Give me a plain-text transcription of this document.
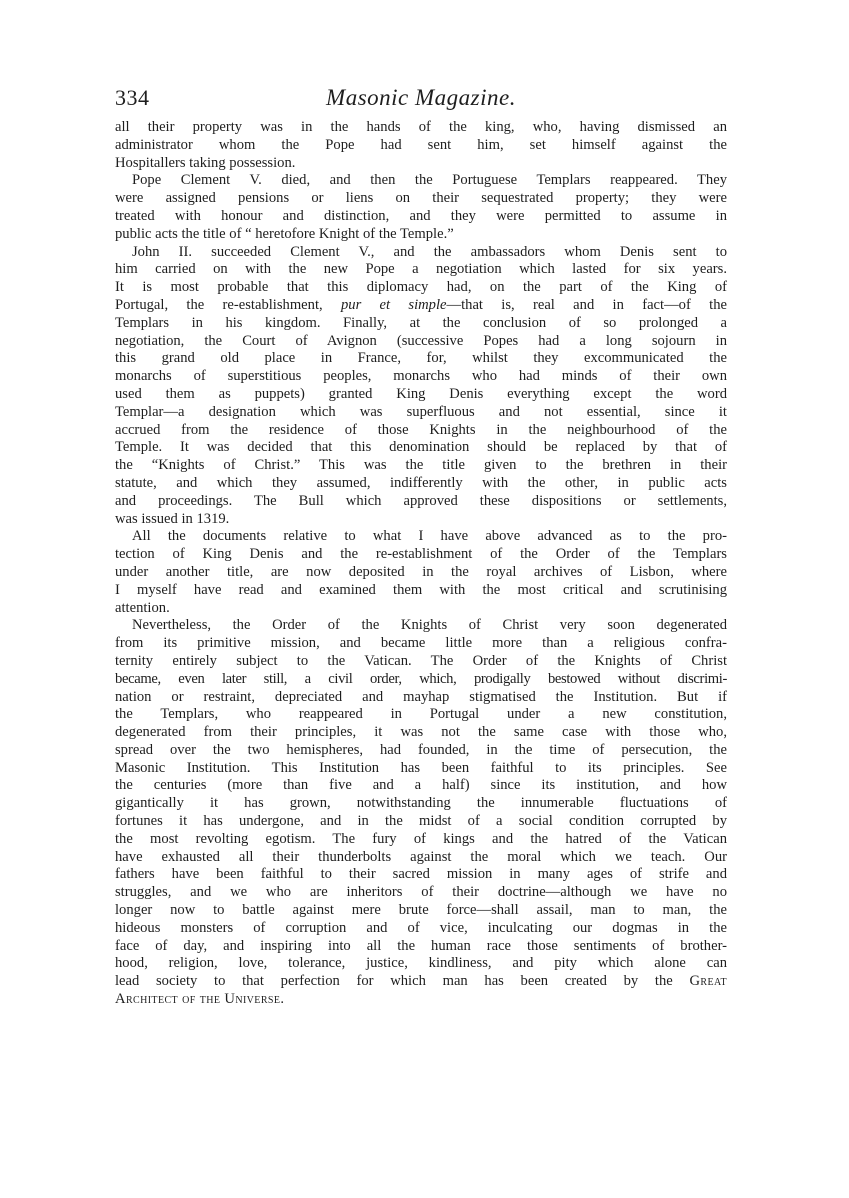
334	Masonic Magazine.
all their property was in the hands of the king, who, having dismissed an
administrator whom the Pope had sent him, set himself against the
Hospitallers taking possession.
Pope Clement V. died, and then the Portuguese Templars reappeared. They
were assigned pensions or liens on their sequestrated property; they were
treated with honour and distinction, and they were permitted to assume in
public acts the title of “ heretofore Knight of the Temple.”
John II. succeeded Clement V., and the ambassadors whom Denis sent to
him carried on with the new Pope a negotiation which lasted for six years.
It is most probable that this diplomacy had, on the part of the King of
Portugal, the re-establishment, pur et simple—that is, real and in fact—of the
Templars in his kingdom. Finally, at the conclusion of so prolonged a
negotiation, the Court of Avignon (successive Popes had a long sojourn in
this grand old place in France, for, whilst they excommunicated the
monarchs of superstitious peoples, monarchs who had minds of their own
used them as puppets) granted King Denis everything except the word
Templar—a designation which was superfluous and not essential, since it
accrued from the residence of those Knights in the neighbourhood of the
Temple. It was decided that this denomination should be replaced by that of
the “Knights of Christ.” This was the title given to the brethren in their
statute, and which they assumed, indifferently with the other, in public acts
and proceedings. The Bull which approved these dispositions or settlements,
was issued in 1319.
All the documents relative to what I have above advanced as to the pro-
tection of King Denis and the re-establishment of the Order of the Templars
under another title, are now deposited in the royal archives of Lisbon, where
I myself have read and examined them with the most critical and scrutinising
attention.
Nevertheless, the Order of the Knights of Christ very soon degenerated
from its primitive mission, and became little more than a religious confra-
ternity entirely subject to the Vatican. The Order of the Knights of Christ
became, even later still, a civil order, which, prodigally bestowed without discrimi-
nation or restraint, depreciated and mayhap stigmatised the Institution. But if
the Templars, who reappeared in Portugal under a new constitution,
degenerated from their principles, it was not the same case with those who,
spread over the two hemispheres, had founded, in the time of persecution, the
Masonic Institution. This Institution has been faithful to its principles. See
the centuries (more than five and a half) since its institution, and how
gigantically it has grown, notwithstanding the innumerable fluctuations of
fortunes it has undergone, and in the midst of a social condition corrupted by
the most revolting egotism. The fury of kings and the hatred of the Vatican
have exhausted all their thunderbolts against the moral which we teach. Our
fathers have been faithful to their sacred mission in many ages of strife and
struggles, and we who are inheritors of their doctrine—although we have no
longer now to battle against mere brute force—shall assail, man to man, the
hideous monsters of corruption and of vice, inculcating our dogmas in the
face of day, and inspiring into all the human race those sentiments of brother-
hood, religion, love, tolerance, justice, kindliness, and pity which alone can
lead society to that perfection for which man has been created by the Great
Architect of the Universe.
